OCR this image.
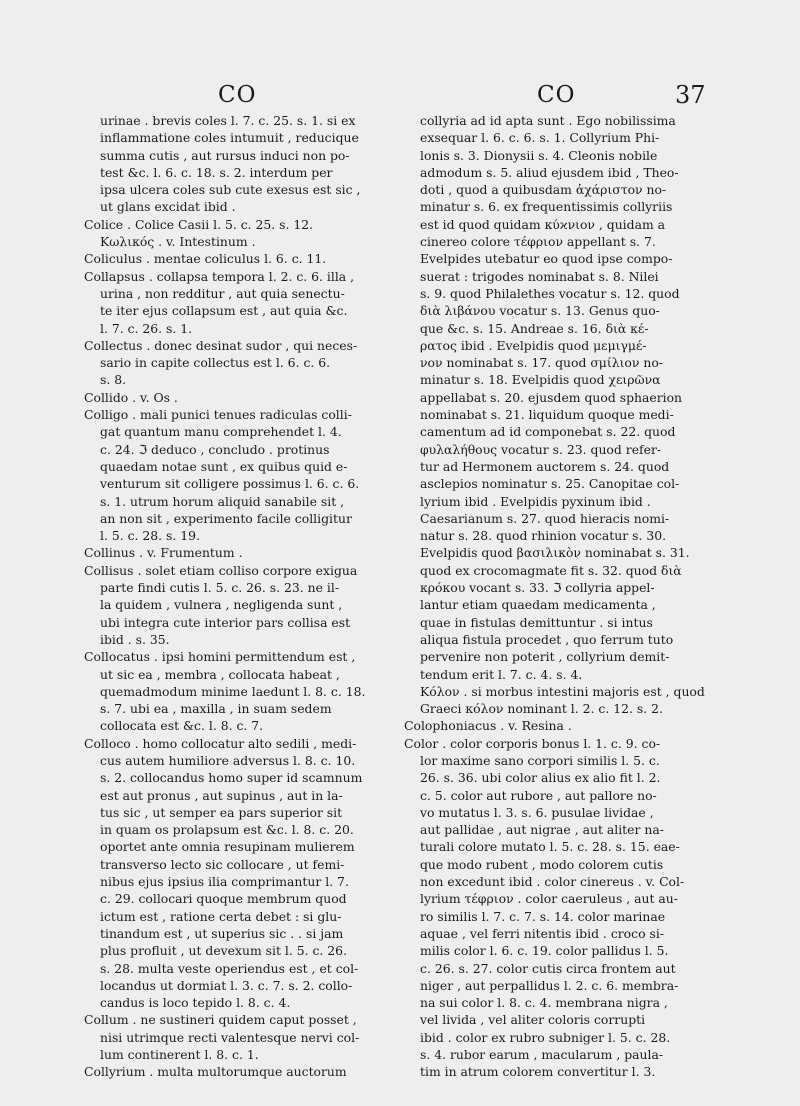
CO	CO	37
urinae . brevis coles l. 7. c. 25. s. 1. si ex
inflammatione coles intumuit , reducique
summa cutis , aut rursus induci non po-
test &c. l. 6. c. 18. s. 2. interdum per
ipsa ulcera coles sub cute exesus est sic ,
ut glans excidat ibid .
Colice . Colice Casii l. 5. c. 25. s. 12.
Κωλικός . v. Intestinum .
Coliculus . mentae coliculus l. 6. c. 11.
Collapsus . collapsa tempora l. 2. c. 6. illa ,
urina , non redditur , aut quia senectu-
te iter ejus collapsum est , aut quia &c.
l. 7. c. 26. s. 1.
Collectus . donec desinat sudor , qui neces-
sario in capite collectus est l. 6. c. 6.
s. 8.
Collido . v. Os .
Colligo . mali punici tenues radiculas colli-
gat quantum manu comprehendet l. 4.
c. 24. ℑ deduco , concludo . protinus
quaedam notae sunt , ex quibus quid e-
venturum sit colligere possimus l. 6. c. 6.
s. 1. utrum horum aliquid sanabile sit ,
an non sit , experimento facile colligitur
l. 5. c. 28. s. 19.
Collinus . v. Frumentum .
Collisus . solet etiam colliso corpore exigua
parte findi cutis l. 5. c. 26. s. 23. ne il-
la quidem , vulnera , negligenda sunt ,
ubi integra cute interior pars collisa est
ibid . s. 35.
Collocatus . ipsi homini permittendum est ,
ut sic ea , membra , collocata habeat ,
quemadmodum minime laedunt l. 8. c. 18.
s. 7. ubi ea , maxilla , in suam sedem
collocata est &c. l. 8. c. 7.
Colloco . homo collocatur alto sedili , medi-
cus autem humiliore adversus l. 8. c. 10.
s. 2. collocandus homo super id scamnum
est aut pronus , aut supinus , aut in la-
tus sic , ut semper ea pars superior sit
in quam os prolapsum est &c. l. 8. c. 20.
oportet ante omnia resupinam mulierem
transverso lecto sic collocare , ut femi-
nibus ejus ipsius ilia comprimantur l. 7.
c. 29. collocari quoque membrum quod
ictum est , ratione certa debet : si glu-
tinandum est , ut superius sic . . si jam
plus profluit , ut devexum sit l. 5. c. 26.
s. 28. multa veste operiendus est , et col-
locandus ut dormiat l. 3. c. 7. s. 2. collo-
candus is loco tepido l. 8. c. 4.
Collum . ne sustineri quidem caput posset ,
nisi utrimque recti valentesque nervi col-
lum continerent l. 8. c. 1.
Collyrium . multa multorumque auctorum
collyria ad id apta sunt . Ego nobilissima
exsequar l. 6. c. 6. s. 1. Collyrium Phi-
lonis s. 3. Dionysii s. 4. Cleonis nobile
admodum s. 5. aliud ejusdem ibid , Theo-
doti , quod a quibusdam ἀχάριστον no-
minatur s. 6. ex frequentissimis collyriis
est id quod quidam κύϰνιον , quidam a
cinereo colore τέφριον appellant s. 7.
Evelpides utebatur eo quod ipse compo-
suerat : trigodes nominabat s. 8. Nilei
s. 9. quod Philalethes vocatur s. 12. quod
διὰ λιβάνου vocatur s. 13. Genus quo-
que &c. s. 15. Andreae s. 16. διὰ κέ-
ρατος ibid . Evelpidis quod μεμιγμέ-
νον nominabat s. 17. quod σμίλιον no-
minatur s. 18. Evelpidis quod χειρῶνα
appellabat s. 20. ejusdem quod sphaerion
nominabat s. 21. liquidum quoque medi-
camentum ad id componebat s. 22. quod
φυλαλήθους vocatur s. 23. quod refer-
tur ad Hermonem auctorem s. 24. quod
asclepios nominatur s. 25. Canopitae col-
lyrium ibid . Evelpidis pyxinum ibid .
Caesarianum s. 27. quod hieracis nomi-
natur s. 28. quod rhinion vocatur s. 30.
Evelpidis quod βασιλικὸν nominabat s. 31.
quod ex crocomagmate fit s. 32. quod διὰ
κρόκου vocant s. 33. ℑ collyria appel-
lantur etiam quaedam medicamenta ,
quae in fistulas demittuntur . si intus
aliqua fistula procedet , quo ferrum tuto
pervenire non poterit , collyrium demit-
tendum erit l. 7. c. 4. s. 4.
Κόλον . si morbus intestini majoris est , quod
Graeci κόλον nominant l. 2. c. 12. s. 2.
Colophoniacus . v. Resina .
Color . color corporis bonus l. 1. c. 9. co-
lor maxime sano corpori similis l. 5. c.
26. s. 36. ubi color alius ex alio fit l. 2.
c. 5. color aut rubore , aut pallore no-
vo mutatus l. 3. s. 6. pusulae lividae ,
aut pallidae , aut nigrae , aut aliter na-
turali colore mutato l. 5. c. 28. s. 15. eae-
que modo rubent , modo colorem cutis
non excedunt ibid . color cinereus . v. Col-
lyrium τέφριον . color caeruleus , aut au-
ro similis l. 7. c. 7. s. 14. color marinae
aquae , vel ferri nitentis ibid . croco si-
milis color l. 6. c. 19. color pallidus l. 5.
c. 26. s. 27. color cutis circa frontem aut
niger , aut perpallidus l. 2. c. 6. membra-
na sui color l. 8. c. 4. membrana nigra ,
vel livida , vel aliter coloris corrupti
ibid . color ex rubro subniger l. 5. c. 28.
s. 4. rubor earum , macularum , paula-
tim in atrum colorem convertitur l. 3.
